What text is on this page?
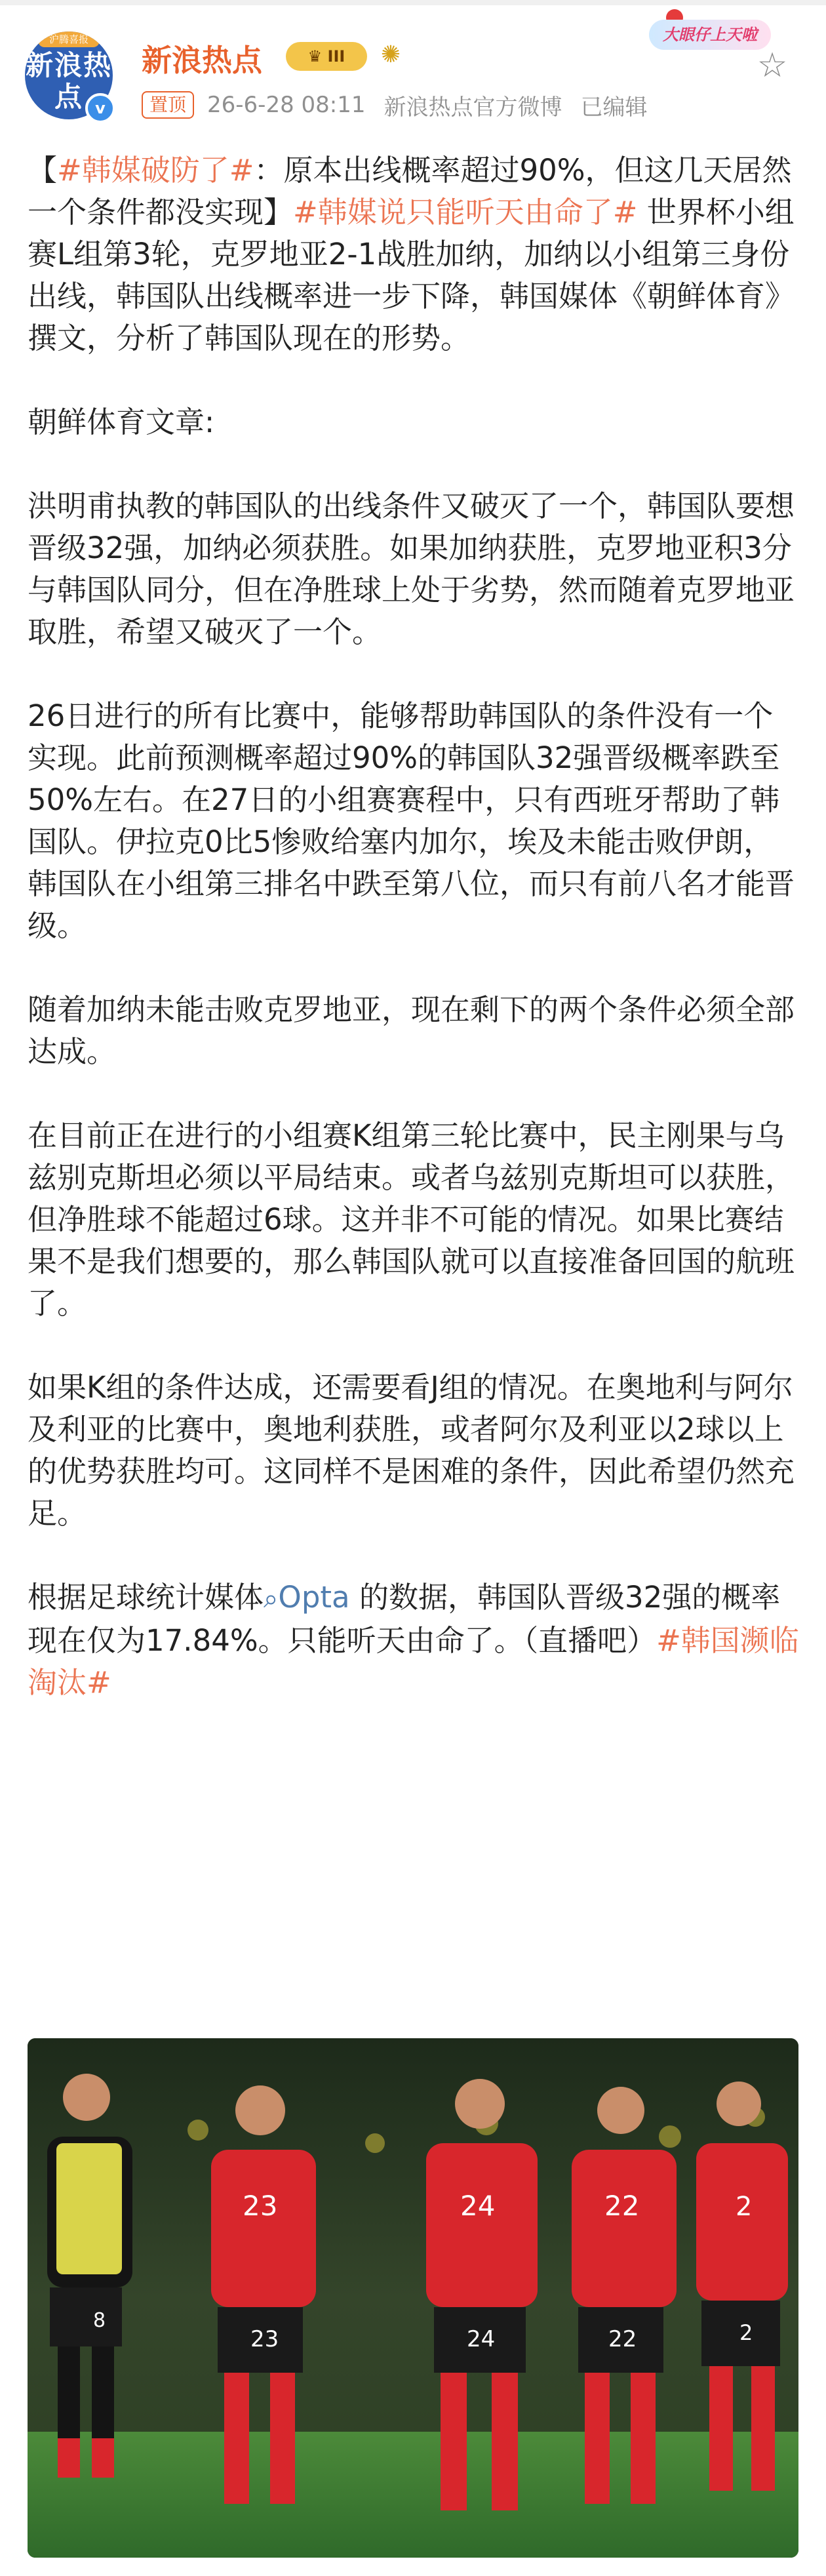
沪腾喜报
新浪热点 v
新浪热点	♛ III	✺
大眼仔上天啦
☆
置顶 26-6-28 08:11 新浪热点官方微博 已编辑

【#韩媒破防了#：原本出线概率超过90%，但这几天居然一个条件都没实现】#韩媒说只能听天由命了# 世界杯小组赛L组第3轮，克罗地亚2-1战胜加纳，加纳以小组第三身份出线，韩国队出线概率进一步下降，韩国媒体《朝鲜体育》撰文，分析了韩国队现在的形势。

朝鲜体育文章:

洪明甫执教的韩国队的出线条件又破灭了一个，韩国队要想晋级32强，加纳必须获胜。如果加纳获胜，克罗地亚积3分与韩国队同分，但在净胜球上处于劣势，然而随着克罗地亚取胜，希望又破灭了一个。

26日进行的所有比赛中，能够帮助韩国队的条件没有一个实现。此前预测概率超过90%的韩国队32强晋级概率跌至50%左右。在27日的小组赛赛程中，只有西班牙帮助了韩国队。伊拉克0比5惨败给塞内加尔，埃及未能击败伊朗，韩国队在小组第三排名中跌至第八位，而只有前八名才能晋级。

随着加纳未能击败克罗地亚，现在剩下的两个条件必须全部达成。

在目前正在进行的小组赛K组第三轮比赛中，民主刚果与乌兹别克斯坦必须以平局结束。或者乌兹别克斯坦可以获胜，但净胜球不能超过6球。这并非不可能的情况。如果比赛结果不是我们想要的，那么韩国队就可以直接准备回国的航班了。

如果K组的条件达成，还需要看J组的情况。在奥地利与阿尔及利亚的比赛中，奥地利获胜，或者阿尔及利亚以2球以上的优势获胜均可。这同样不是困难的条件，因此希望仍然充足。

根据足球统计媒体⌕Opta 的数据，韩国队晋级32强的概率现在仅为17.84%。只能听天由命了。（直播吧）#韩国濒临淘汰#

8
23
23
24
24
22
22
2
2
